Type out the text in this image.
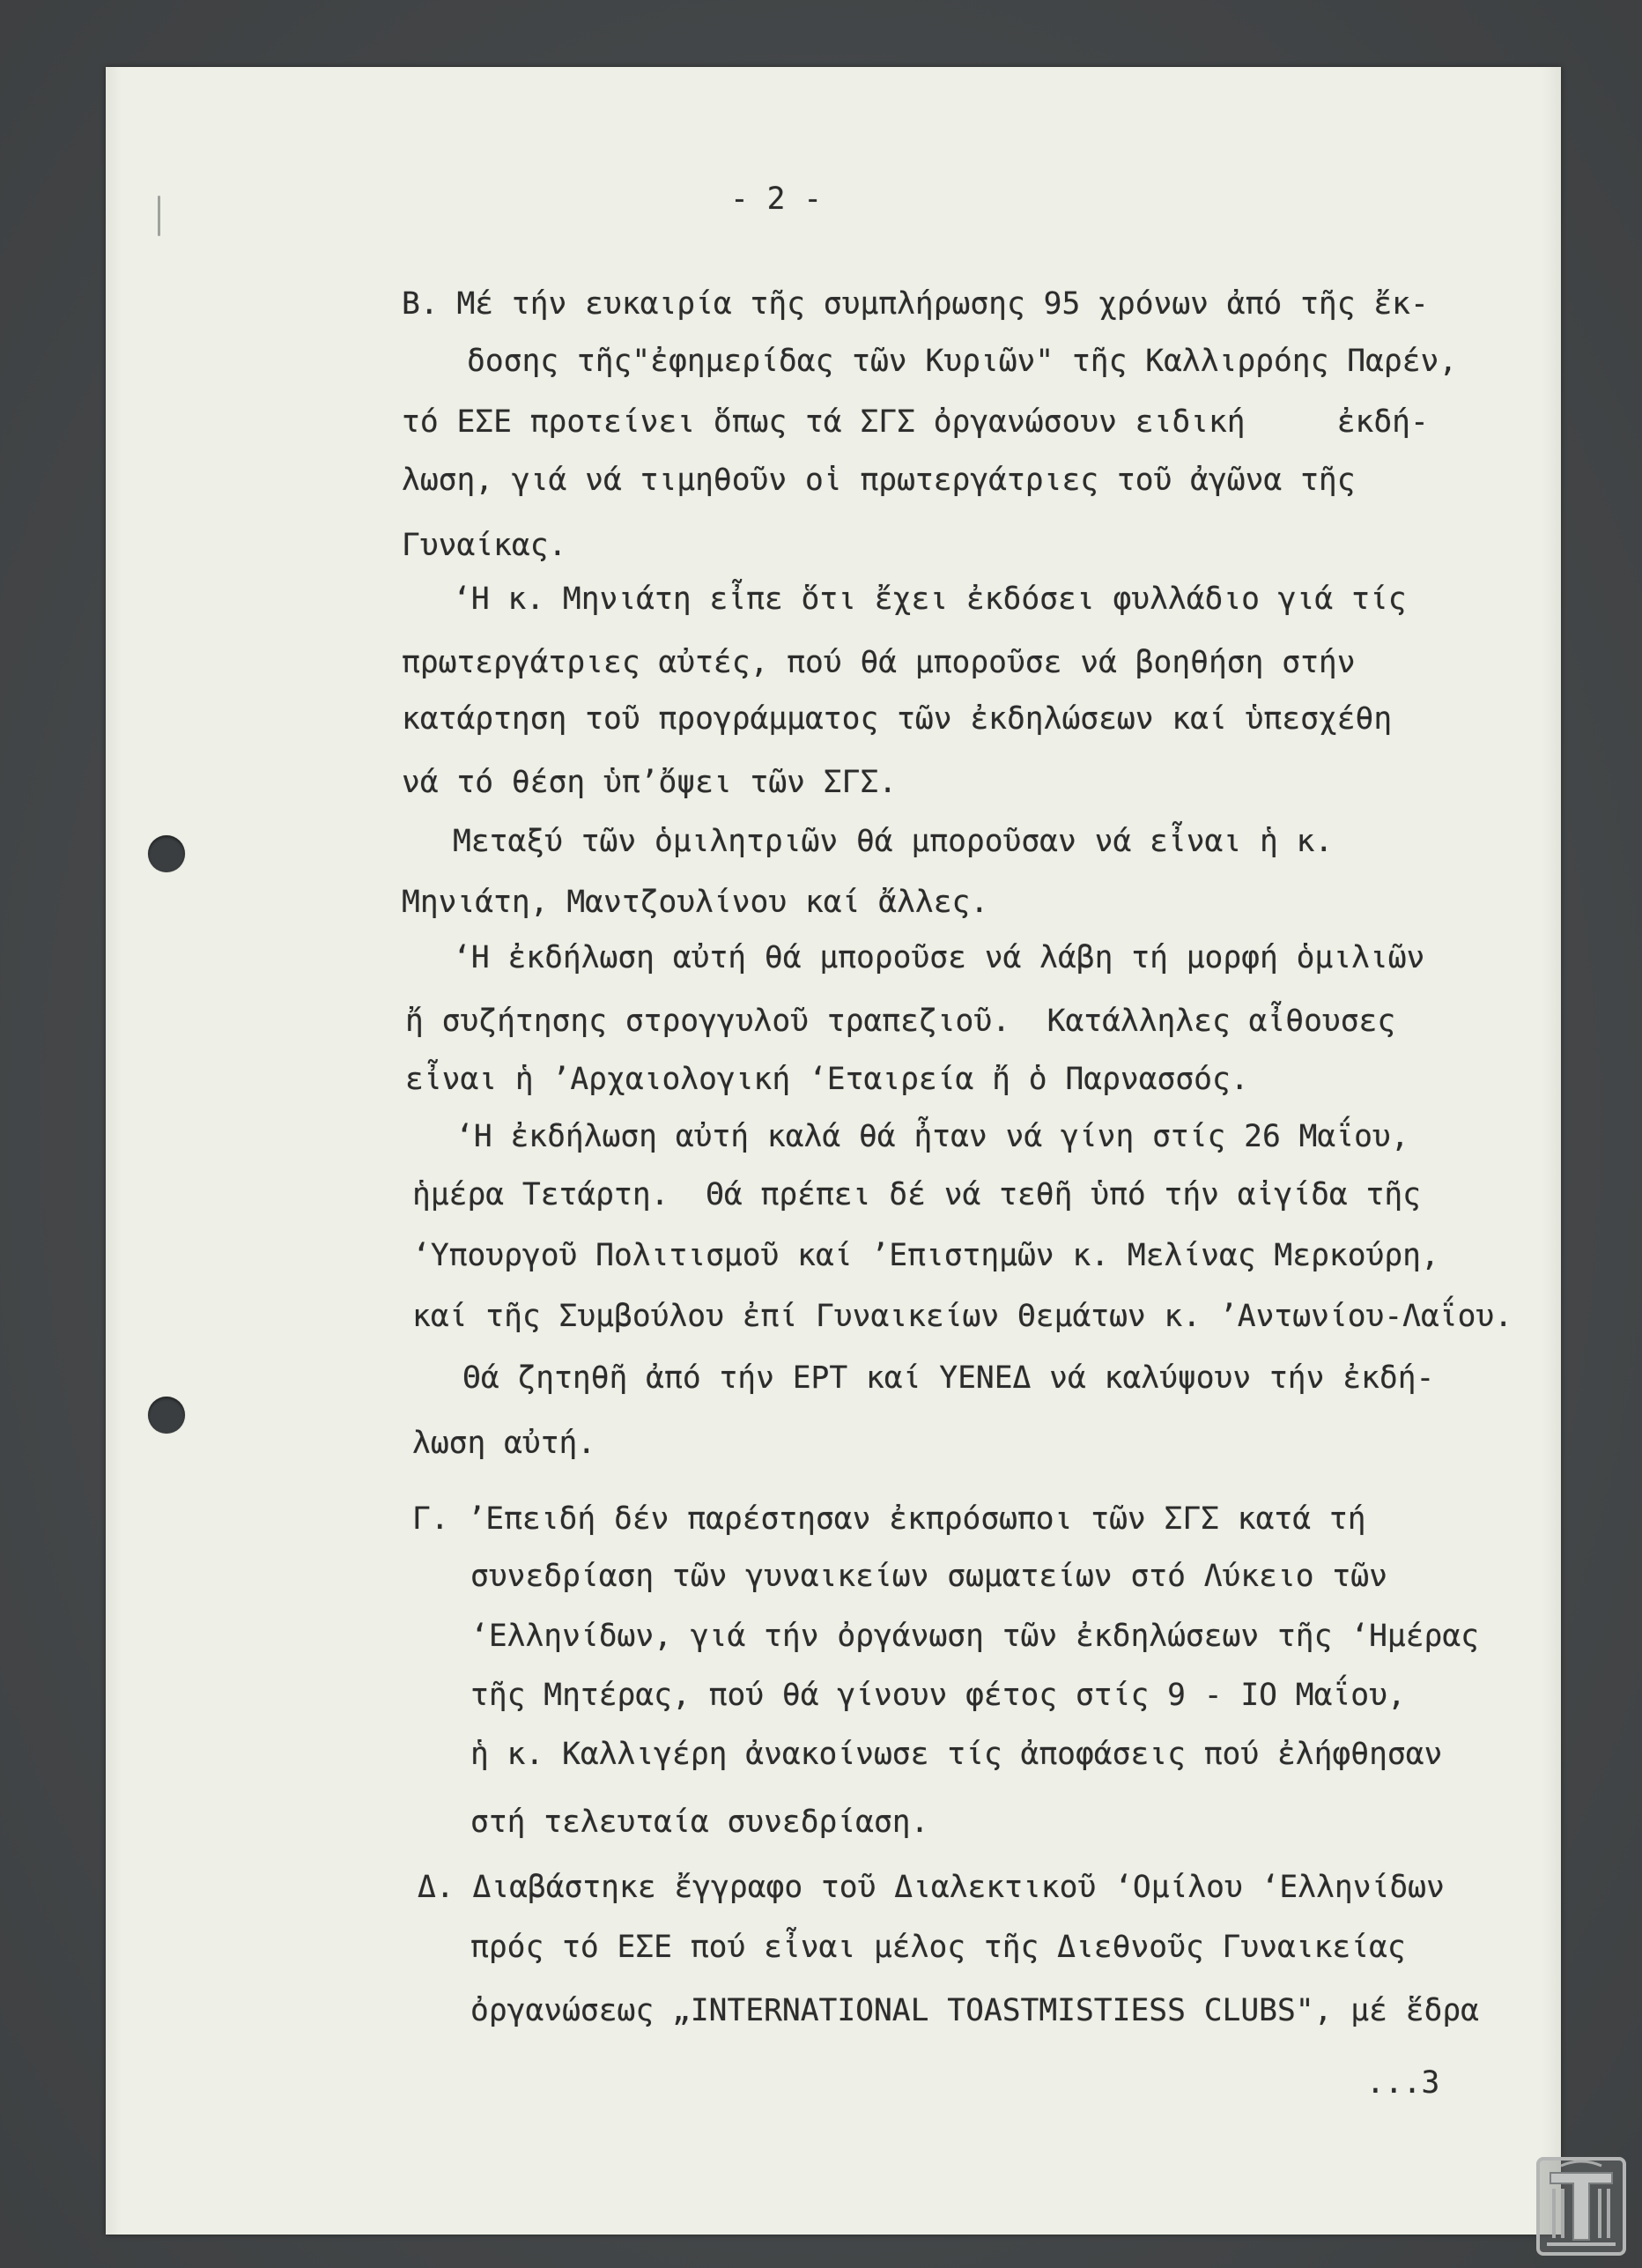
- 2 -
Β. Μέ τήν ευκαιρία τῆς συμπλήρωσης 95 χρόνων ἀπό τῆς ἔκ-
δοσης τῆς"ἐφημερίδας τῶν Κυριῶν" τῆς Καλλιρρόης Παρέν,
τό ΕΣΕ προτείνει ὅπως τά ΣΓΣ ὀργανώσουν ειδική     ἐκδή-
λωση, γιά νά τιμηθοῦν οἱ πρωτεργάτριες τοῦ ἀγῶνα τῆς
Γυναίκας.
‘Η κ. Μηνιάτη εἶπε ὅτι ἔχει ἐκδόσει φυλλάδιο γιά τίς
πρωτεργάτριες αὐτές, πού θά μποροῦσε νά βοηθήση στήν
κατάρτηση τοῦ προγράμματος τῶν ἐκδηλώσεων καί ὑπεσχέθη
νά τό θέση ὑπ’ὄψει τῶν ΣΓΣ.
Μεταξύ τῶν ὁμιλητριῶν θά μποροῦσαν νά εἶναι ἡ κ.
Μηνιάτη, Μαντζουλίνου καί ἄλλες.
‘Η ἐκδήλωση αὐτή θά μποροῦσε νά λάβη τή μορφή ὁμιλιῶν
ἤ συζήτησης στρογγυλοῦ τραπεζιοῦ.  Κατάλληλες αἶθουσες
εἶναι ἡ ’Αρχαιολογική ‘Εταιρεία ἤ ὁ Παρνασσός.
‘Η ἐκδήλωση αὐτή καλά θά ἦταν νά γίνη στίς 26 Μαΐου,
ἡμέρα Τετάρτη.  Θά πρέπει δέ νά τεθῆ ὑπό τήν αἰγίδα τῆς
‘Υπουργοῦ Πολιτισμοῦ καί ’Επιστημῶν κ. Μελίνας Μερκούρη,
καί τῆς Συμβούλου ἐπί Γυναικείων Θεμάτων κ. ’Αντωνίου-Λαΐου.
Θά ζητηθῆ ἀπό τήν ΕΡΤ καί ΥΕΝΕΔ νά καλύψουν τήν ἐκδή-
λωση αὐτή.
Γ. ’Επειδή δέν παρέστησαν ἐκπρόσωποι τῶν ΣΓΣ κατά τή
συνεδρίαση τῶν γυναικείων σωματείων στό Λύκειο τῶν
‘Ελληνίδων, γιά τήν ὀργάνωση τῶν ἐκδηλώσεων τῆς ‘Ημέρας
τῆς Μητέρας, πού θά γίνουν φέτος στίς 9 - IO Μαΐου,
ἡ κ. Καλλιγέρη ἀνακοίνωσε τίς ἀποφάσεις πού ἐλήφθησαν
στή τελευταία συνεδρίαση.
Δ. Διαβάστηκε ἔγγραφο τοῦ Διαλεκτικοῦ ‘Ομίλου ‘Ελληνίδων
πρός τό ΕΣΕ πού εἶναι μέλος τῆς Διεθνοῦς Γυναικείας
ὀργανώσεως „INTERNATIONAL TOASTMISTIESS CLUBS", μέ ἕδρα
...3
